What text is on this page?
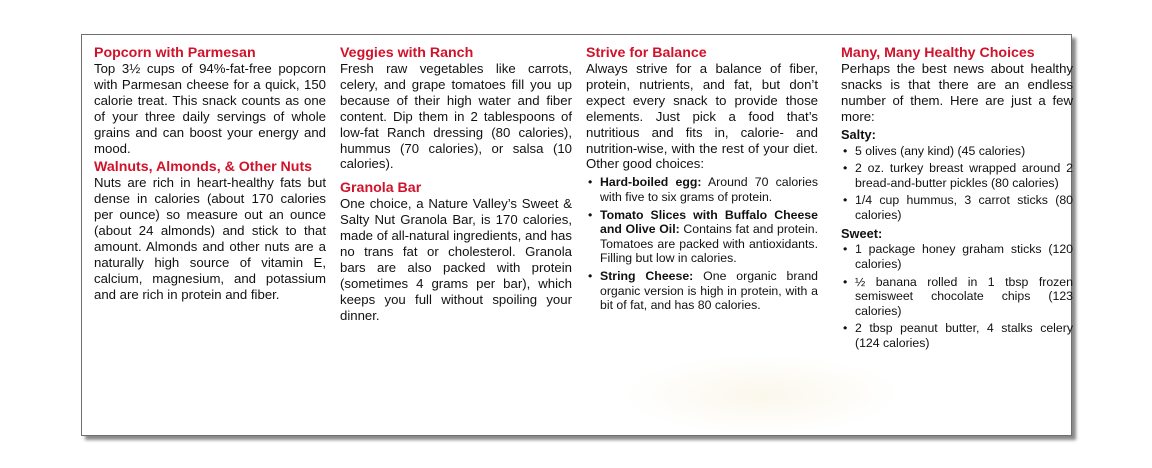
Popcorn with Parmesan

Top 3½ cups of 94%-fat-free popcorn with Parmesan cheese for a quick, 150 calorie treat. This snack counts as one of your three daily servings of whole grains and can boost your energy and mood.

Walnuts, Almonds, & Other Nuts

Nuts are rich in heart-healthy fats but dense in calories (about 170 calories per ounce) so measure out an ounce (about 24 almonds) and stick to that amount. Almonds and other nuts are a naturally high source of vitamin E, calcium, magnesium, and potassium and are rich in protein and fiber.

Veggies with Ranch

Fresh raw vegetables like carrots, celery, and grape tomatoes fill you up because of their high water and fiber content. Dip them in 2 tablespoons of low-fat Ranch dressing (80 calories), hummus (70 calories), or salsa (10 calories).

Granola Bar

One choice, a Nature Valley’s Sweet & Salty Nut Granola Bar, is 170 calories, made of all-natural ingredients, and has no trans fat or cholesterol. Granola bars are also packed with protein (sometimes 4 grams per bar), which keeps you full without spoiling your dinner.

Strive for Balance

Always strive for a balance of fiber, protein, nutrients, and fat, but don’t expect every snack to provide those elements. Just pick a food that’s nutritious and fits in, calorie- and nutrition-wise, with the rest of your diet. Other good choices:

• Hard-boiled egg: Around 70 calories with five to six grams of protein.
• Tomato Slices with Buffalo Cheese and Olive Oil: Contains fat and protein. Tomatoes are packed with antioxidants. Filling but low in calories.
• String Cheese: One organic brand organic version is high in protein, with a bit of fat, and has 80 calories.
Many, Many Healthy Choices

Perhaps the best news about healthy snacks is that there are an endless number of them. Here are just a few more:

Salty:
• 5 olives (any kind) (45 calories)
• 2 oz. turkey breast wrapped around 2 bread-and-butter pickles (80 calories)
• 1/4 cup hummus, 3 carrot sticks (80 calories)
Sweet:
• 1 package honey graham sticks (120 calories)
• ½ banana rolled in 1 tbsp frozen semisweet chocolate chips (123 calories)
• 2 tbsp peanut butter, 4 stalks celery (124 calories)
